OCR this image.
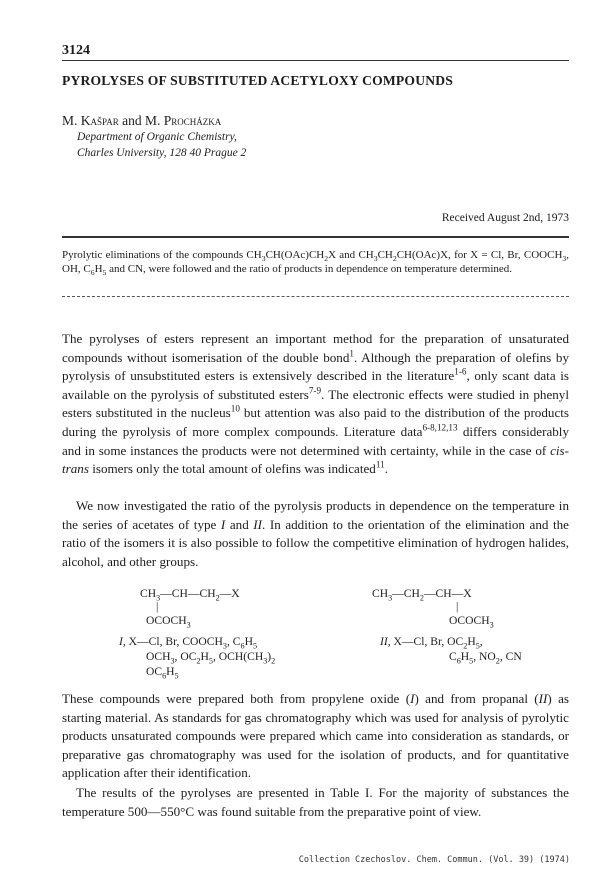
3124
PYROLYSES OF SUBSTITUTED ACETYLOXY COMPOUNDS
M. Kašpar and M. Procházka
Department of Organic Chemistry,
Charles University, 128 40 Prague 2
Received August 2nd, 1973
Pyrolytic eliminations of the compounds $CH_3CH(OAc)CH_2X$ and $CH_3CH_2CH(OAc)X$, for X = Cl, Br, $COOCH_3$, OH, $C_6H_5$ and CN, were followed and the ratio of products in dependence on temperature determined.
The pyrolyses of esters represent an important method for the preparation of unsaturated compounds without isomerisation of the double bond$^1$. Although the preparation of olefins by pyrolysis of unsubstituted esters is extensively described in the literature$^{1-6}$, only scant data is available on the pyrolysis of substituted esters$^{7-9}$. The electronic effects were studied in phenyl esters substituted in the nucleus$^{10}$ but attention was also paid to the distribution of the products during the pyrolysis of more complex compounds. Literature data$^{6-8,12,13}$ differs considerably and in some instances the products were not determined with certainty, while in the case of cis-trans isomers only the total amount of olefins was indicated$^{11}$.
We now investigated the ratio of the pyrolysis products in dependence on the temperature in the series of acetates of type I and II. In addition to the orientation of the elimination and the ratio of the isomers it is also possible to follow the competitive elimination of hydrogen halides, alcohol, and other groups.
$CH_3—CH—CH_2—X$
|
$OCOCH_3$
I, X—Cl, Br, $COOCH_3$, $C_6H_5$
$OCH_3$, $OC_2H_5$, $OCH(CH_3)_2$
$OC_6H_5$
$CH_3—CH_2—CH—X$
|
$OCOCH_3$
II, X—Cl, Br, $OC_2H_5$,
$C_6H_5$, $NO_2$, CN
These compounds were prepared both from propylene oxide (I) and from propanal (II) as starting material. As standards for gas chromatography which was used for analysis of pyrolytic products unsaturated compounds were prepared which came into consideration as standards, or preparative gas chromatography was used for the isolation of products, and for quantitative application after their identification.
The results of the pyrolyses are presented in Table I. For the majority of substances the temperature 500—550°C was found suitable from the preparative point of view.
Collection Czechoslov. Chem. Commun. (Vol. 39) (1974)
